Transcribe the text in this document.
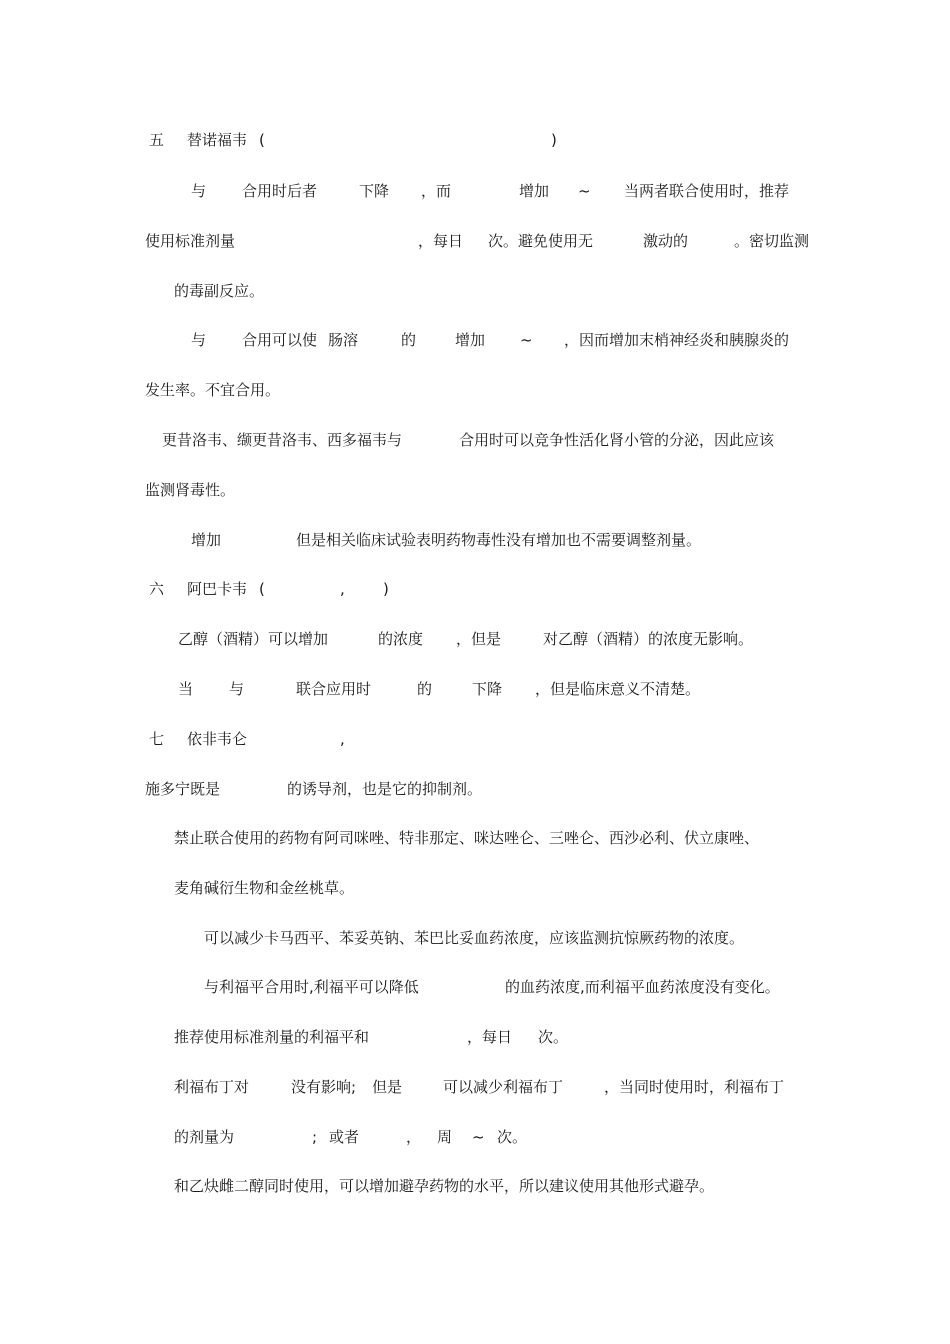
五 替诺福韦 (	)
与 合用时后者	下降 ，而	增加 ~ 当两者联合使用时，推荐
使用标准剂量	，每日 次。避免使用无	激动的	。密切监测
的毒副反应。
与 合用可以使 肠溶	的	增加 ~ ，因而增加末梢神经炎和胰腺炎的
发生率。不宜合用。
更昔洛韦、缬更昔洛韦、西多福韦与	合用时可以竞争性活化肾小管的分泌，因此应该
监测肾毒性。
增加	但是相关临床试验表明药物毒性没有增加也不需要调整剂量。
六 阿巴卡韦 (	,	)
乙醇（酒精）可以增加	的浓度 ，但是	对乙醇（酒精）的浓度无影响。
当 与	联合应用时	的	下降 ，但是临床意义不清楚。
七 依非韦仑	,
施多宁既是	的诱导剂，也是它的抑制剂。
禁止联合使用的药物有阿司咪唑、特非那定、咪达唑仑、三唑仑、西沙必利、伏立康唑、
麦角碱衍生物和金丝桃草。
可以减少卡马西平、苯妥英钠、苯巴比妥血药浓度，应该监测抗惊厥药物的浓度。
与利福平合用时,利福平可以降低	的血药浓度,而利福平血药浓度没有变化。
推荐使用标准剂量的利福平和	，每日 次。
利福布丁对	没有影响; 但是	可以减少利福布丁	，当同时使用时，利福布丁
的剂量为	; 或者	， 周 ~ 次。
和乙炔雌二醇同时使用，可以增加避孕药物的水平，所以建议使用其他形式避孕。
